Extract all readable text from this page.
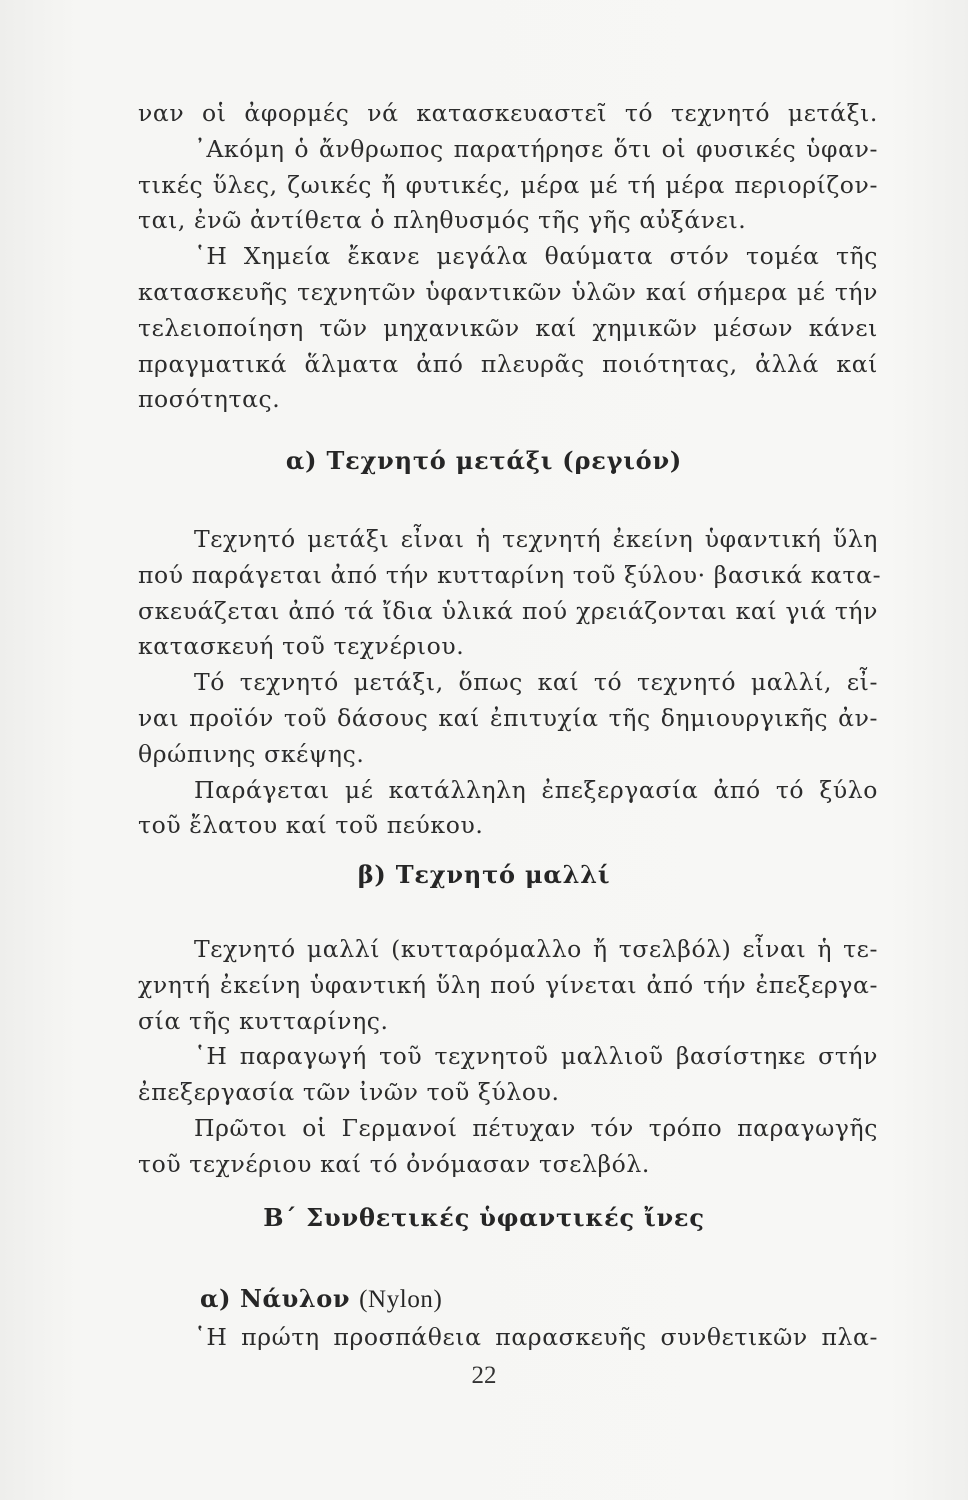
ναν οἱ ἀφορμές νά κατασκευαστεῖ τό τεχνητό μετάξι.
᾿Ακόμη ὁ ἄνθρωπος παρατήρησε ὅτι οἱ φυσικές ὑφαν-
τικές ὕλες, ζωικές ἤ φυτικές, μέρα μέ τή μέρα περιορίζον-
ται, ἐνῶ ἀντίθετα ὁ πληθυσμός τῆς γῆς αὐξάνει.
῾Η Χημεία ἔκανε μεγάλα θαύματα στόν τομέα τῆς
κατασκευῆς τεχνητῶν ὑφαντικῶν ὑλῶν καί σήμερα μέ τήν
τελειοποίηση τῶν μηχανικῶν καί χημικῶν μέσων κάνει
πραγματικά ἅλματα ἀπό πλευρᾶς ποιότητας, ἀλλά καί
ποσότητας.
α) Τεχνητό μετάξι (ρεγιόν)
Τεχνητό μετάξι εἶναι ἡ τεχνητή ἐκείνη ὑφαντική ὕλη
πού παράγεται ἀπό τήν κυτταρίνη τοῦ ξύλου· βασικά κατα-
σκευάζεται ἀπό τά ἴδια ὑλικά πού χρειάζονται καί γιά τήν
κατασκευή τοῦ τεχνέριου.
Τό τεχνητό μετάξι, ὅπως καί τό τεχνητό μαλλί, εἶ-
ναι προϊόν τοῦ δάσους καί ἐπιτυχία τῆς δημιουργικῆς ἀν-
θρώπινης σκέψης.
Παράγεται μέ κατάλληλη ἐπεξεργασία ἀπό τό ξύλο
τοῦ ἔλατου καί τοῦ πεύκου.
β) Τεχνητό μαλλί
Τεχνητό μαλλί (κυτταρόμαλλο ἤ τσελβόλ) εἶναι ἡ τε-
χνητή ἐκείνη ὑφαντική ὕλη πού γίνεται ἀπό τήν ἐπεξεργα-
σία τῆς κυτταρίνης.
῾Η παραγωγή τοῦ τεχνητοῦ μαλλιοῦ βασίστηκε στήν
ἐπεξεργασία τῶν ἰνῶν τοῦ ξύλου.
Πρῶτοι οἱ Γερμανοί πέτυχαν τόν τρόπο παραγωγῆς
τοῦ τεχνέριου καί τό ὀνόμασαν τσελβόλ.
Β΄ Συνθετικές ὑφαντικές ἴνες
α) Νάυλον (Nylon)
῾Η πρώτη προσπάθεια παρασκευῆς συνθετικῶν πλα-
22
